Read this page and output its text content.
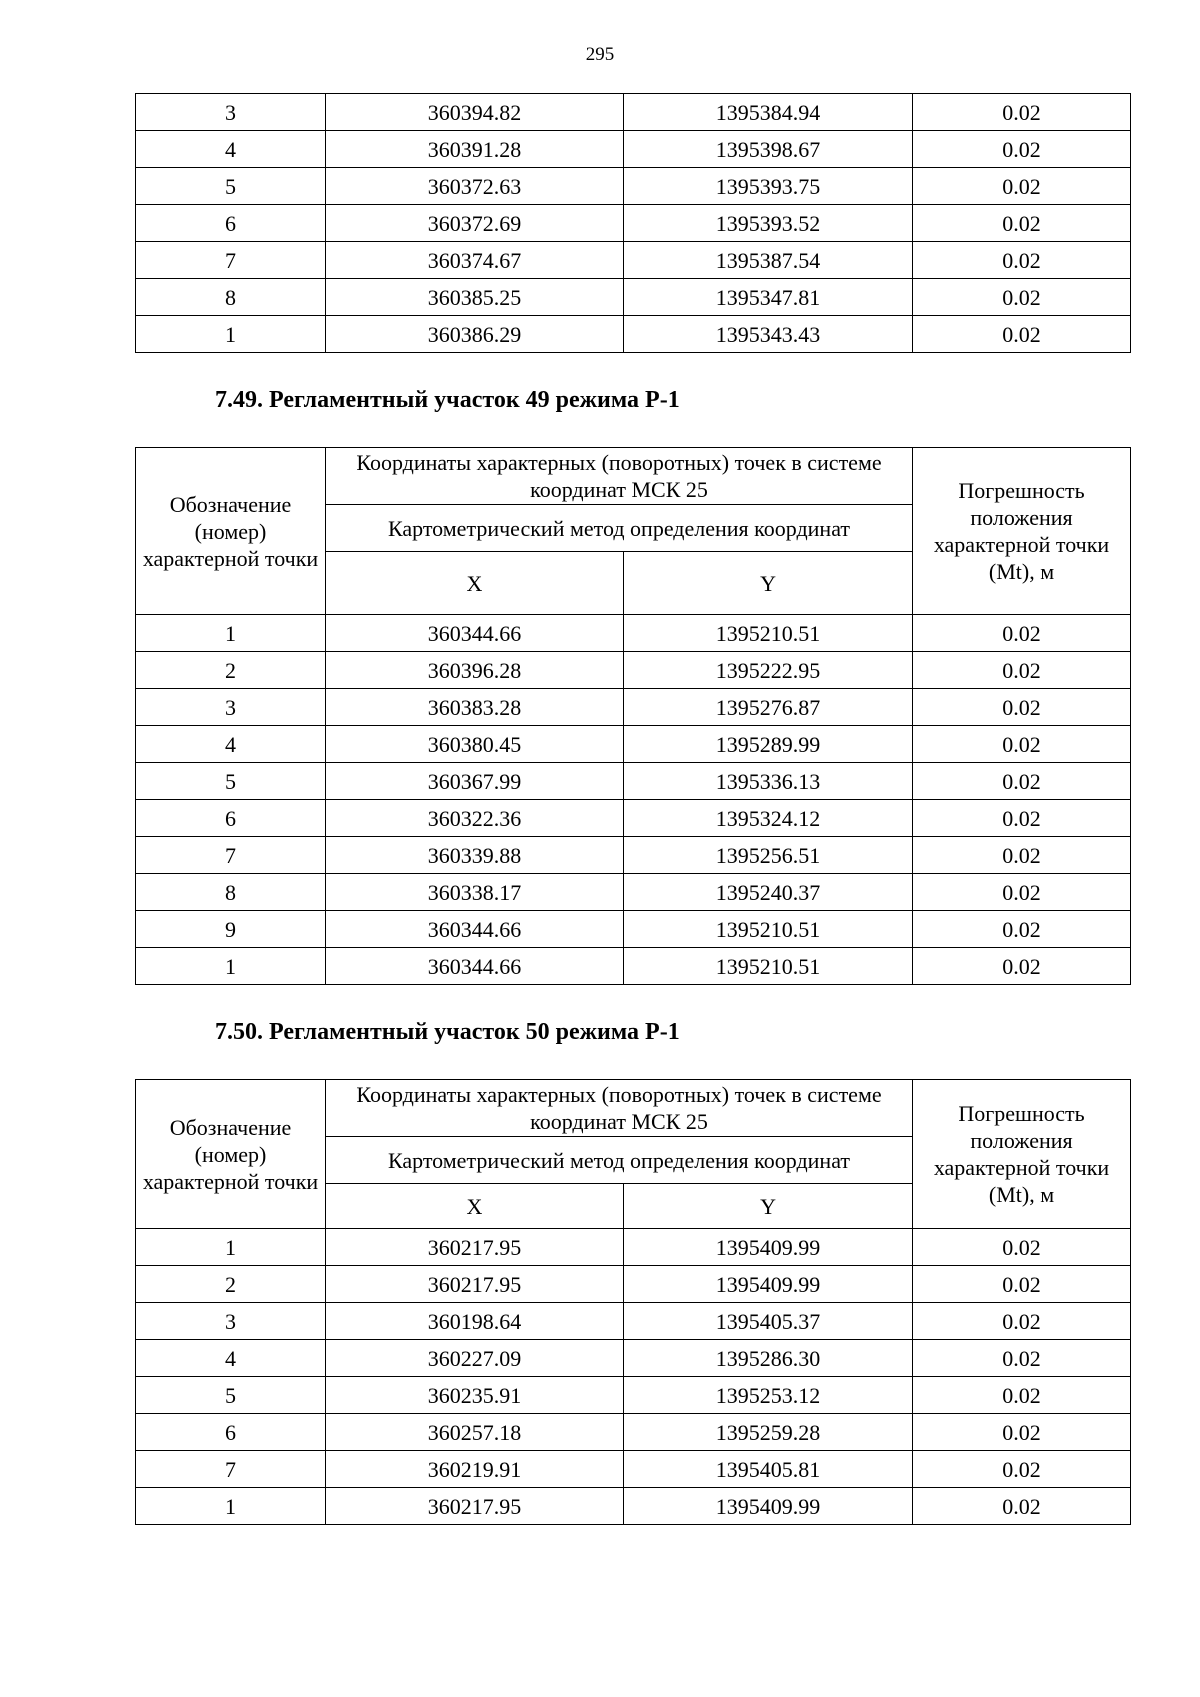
295
3	360394.82	1395384.94	0.02
4	360391.28	1395398.67	0.02
5	360372.63	1395393.75	0.02
6	360372.69	1395393.52	0.02
7	360374.67	1395387.54	0.02
8	360385.25	1395347.81	0.02
1	360386.29	1395343.43	0.02
7.49. Регламентный участок 49 режима Р-1
Обозначение (номер) характерной точки	Координаты характерных (поворотных) точек в системе координат МСК 25		Погрешность положения характерной точки (Mt), м
	Картометрический метод определения координат		
	X	Y	
1	360344.66	1395210.51	0.02
2	360396.28	1395222.95	0.02
3	360383.28	1395276.87	0.02
4	360380.45	1395289.99	0.02
5	360367.99	1395336.13	0.02
6	360322.36	1395324.12	0.02
7	360339.88	1395256.51	0.02
8	360338.17	1395240.37	0.02
9	360344.66	1395210.51	0.02
1	360344.66	1395210.51	0.02
7.50. Регламентный участок 50 режима Р-1
Обозначение (номер) характерной точки	Координаты характерных (поворотных) точек в системе координат МСК 25		Погрешность положения характерной точки (Mt), м
	Картометрический метод определения координат		
	X	Y	
1	360217.95	1395409.99	0.02
2	360217.95	1395409.99	0.02
3	360198.64	1395405.37	0.02
4	360227.09	1395286.30	0.02
5	360235.91	1395253.12	0.02
6	360257.18	1395259.28	0.02
7	360219.91	1395405.81	0.02
1	360217.95	1395409.99	0.02
